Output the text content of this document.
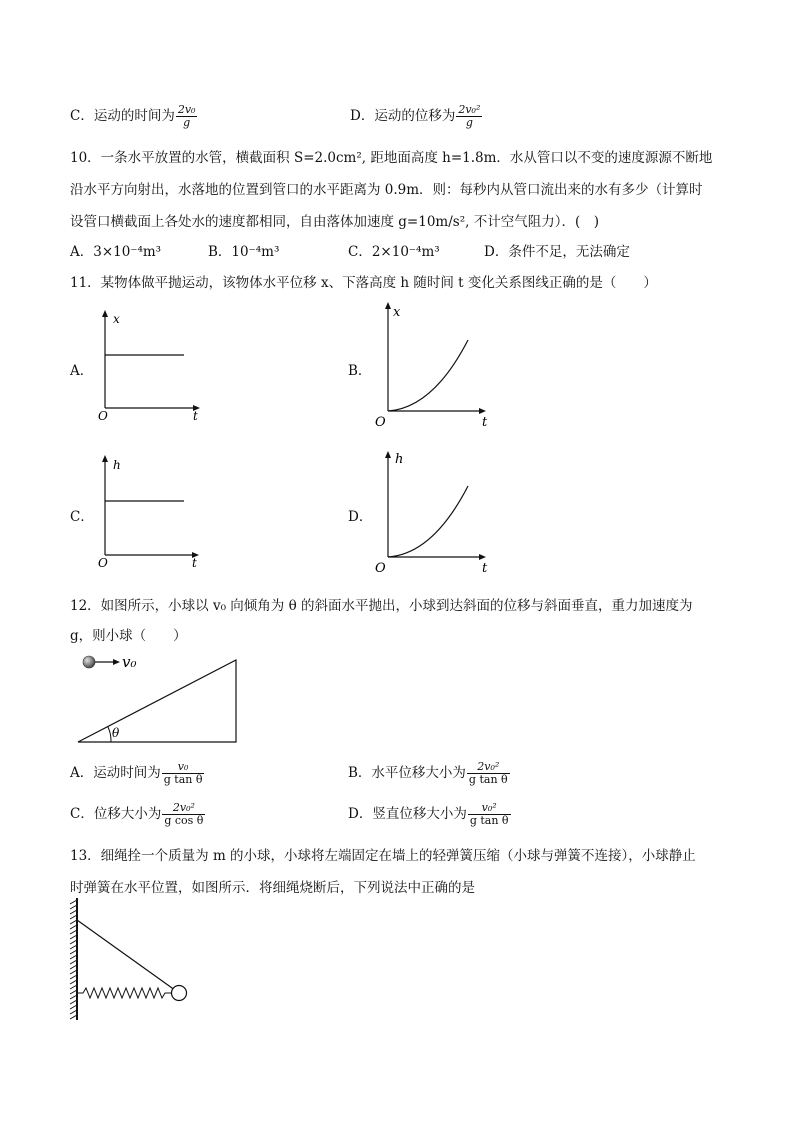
C．运动的时间为 $\frac{\text{2v₀}}{g}$	D．运动的位移为 $\frac{\text{2v₀²}}{g}$
10．一条水平放置的水管，横截面积 S=2.0cm², 距地面高度 h=1.8m．水从管口以不变的速度源源不断地
沿水平方向射出，水落地的位置到管口的水平距离为 0.9m．则：每秒内从管口流出来的水有多少（计算时
设管口横截面上各处水的速度都相同，自由落体加速度 g=10m/s², 不计空气阻力）．(　)
A．3×10⁻⁴m³	B．10⁻⁴m³	C．2×10⁻⁴m³	D．条件不足，无法确定
11．某物体做平抛运动，该物体水平位移 x、下落高度 h 随时间 t 变化关系图线正确的是（　　）
A．
x
t
O
B．
x
t
O
C．
h
t
O
D．
h
t
O
12．如图所示，小球以 v₀ 向倾角为 θ 的斜面水平抛出，小球到达斜面的位移与斜面垂直，重力加速度为
g，则小球（　　）
θ
v₀
A．运动时间为 $\frac{\text{v₀}}{\text{g tan θ}}$	B．水平位移大小为 $\frac{\text{2v₀²}}{\text{g tan θ}}$
C．位移大小为 $\frac{\text{2v₀²}}{\text{g cos θ}}$	D．竖直位移大小为 $\frac{\text{v₀²}}{\text{g tan θ}}$
13．细绳拴一个质量为 m 的小球，小球将左端固定在墙上的轻弹簧压缩（小球与弹簧不连接），小球静止
时弹簧在水平位置，如图所示．将细绳烧断后，下列说法中正确的是
